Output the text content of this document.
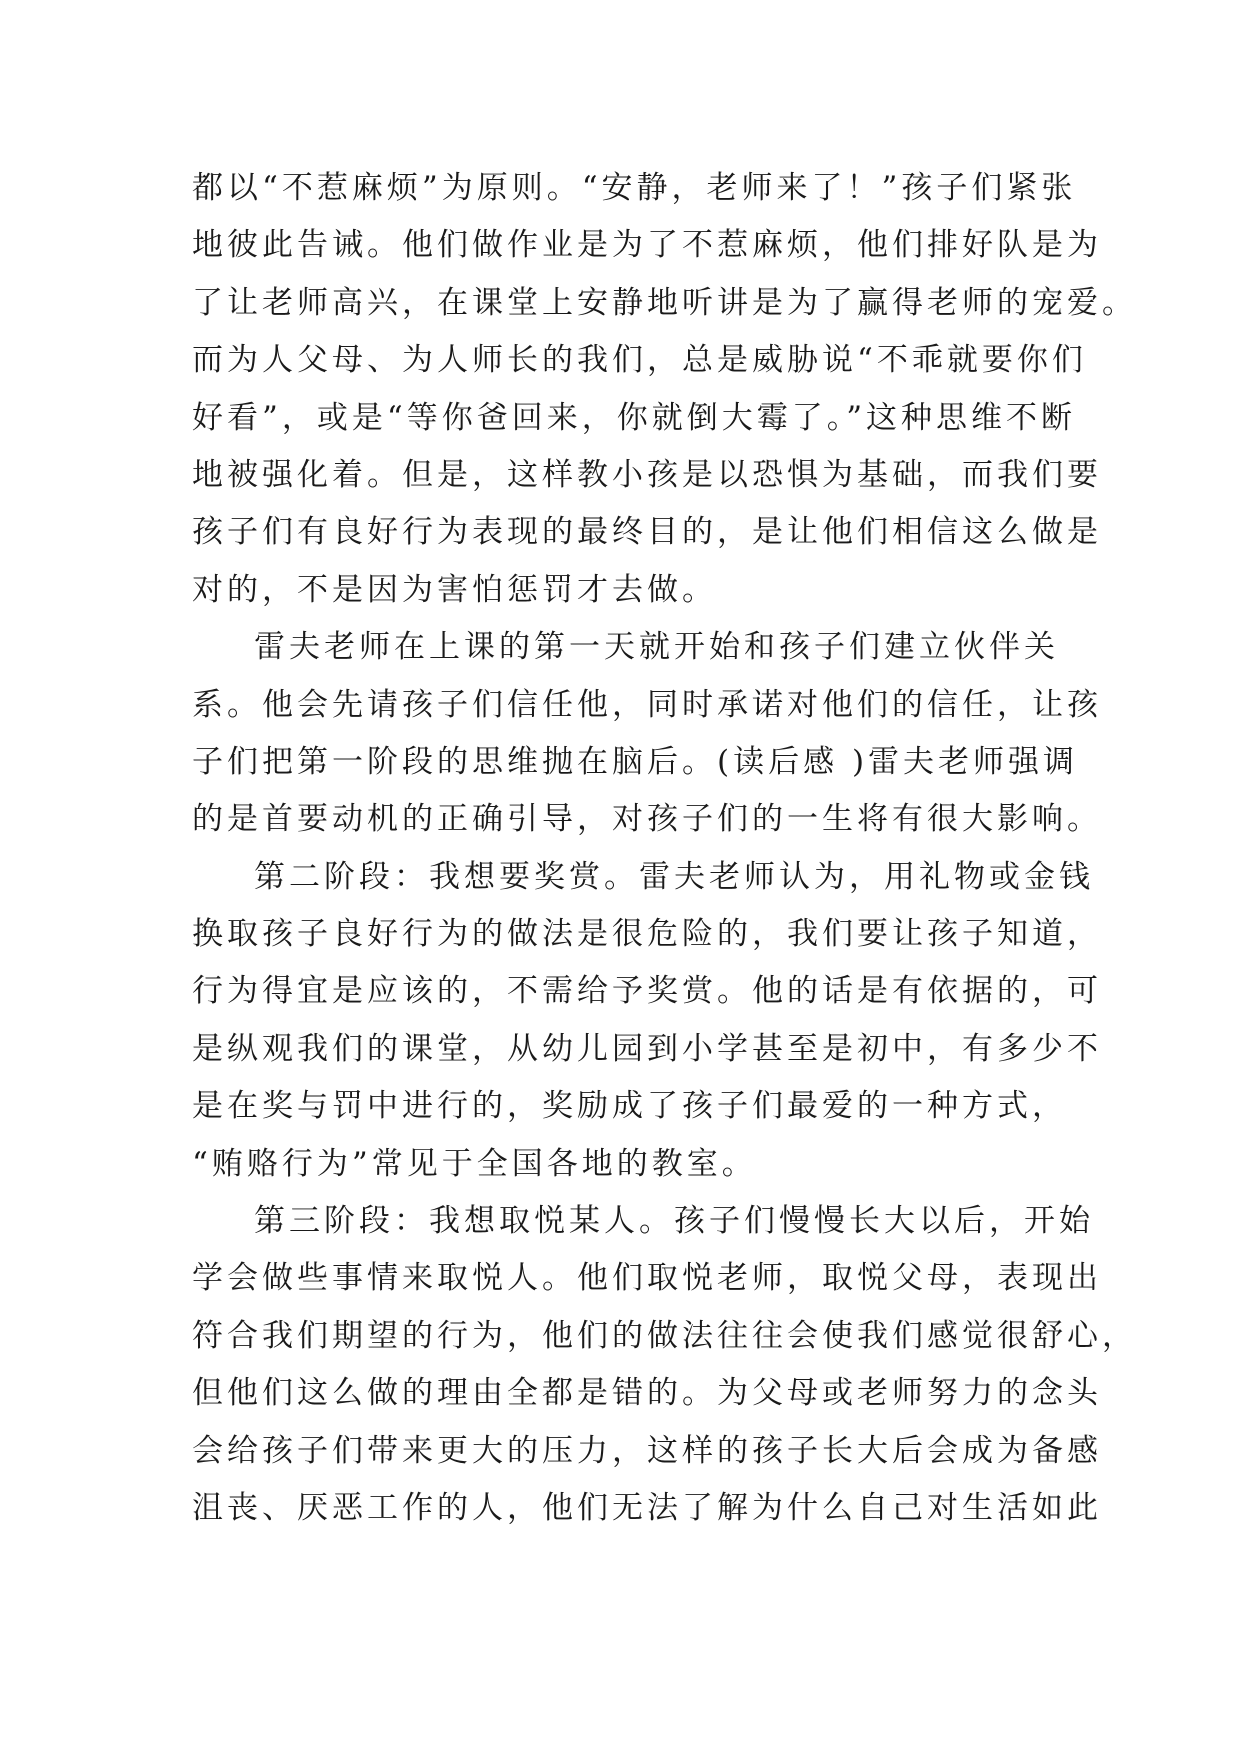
都以“不惹麻烦”为原则。“安静，老师来了！”孩子们紧张
地彼此告诫。他们做作业是为了不惹麻烦，他们排好队是为
了让老师高兴，在课堂上安静地听讲是为了赢得老师的宠爱。
而为人父母、为人师长的我们，总是威胁说“不乖就要你们
好看”，或是“等你爸回来，你就倒大霉了。”这种思维不断
地被强化着。但是，这样教小孩是以恐惧为基础，而我们要
孩子们有良好行为表现的最终目的，是让他们相信这么做是
对的，不是因为害怕惩罚才去做。
雷夫老师在上课的第一天就开始和孩子们建立伙伴关
系。他会先请孩子们信任他，同时承诺对他们的信任，让孩
子们把第一阶段的思维抛在脑后。(读后感 )雷夫老师强调
的是首要动机的正确引导，对孩子们的一生将有很大影响。
第二阶段：我想要奖赏。雷夫老师认为，用礼物或金钱
换取孩子良好行为的做法是很危险的，我们要让孩子知道，
行为得宜是应该的，不需给予奖赏。他的话是有依据的，可
是纵观我们的课堂，从幼儿园到小学甚至是初中，有多少不
是在奖与罚中进行的，奖励成了孩子们最爱的一种方式，
“贿赂行为”常见于全国各地的教室。
第三阶段：我想取悦某人。孩子们慢慢长大以后，开始
学会做些事情来取悦人。他们取悦老师，取悦父母，表现出
符合我们期望的行为，他们的做法往往会使我们感觉很舒心，
但他们这么做的理由全都是错的。为父母或老师努力的念头
会给孩子们带来更大的压力，这样的孩子长大后会成为备感
沮丧、厌恶工作的人，他们无法了解为什么自己对生活如此
